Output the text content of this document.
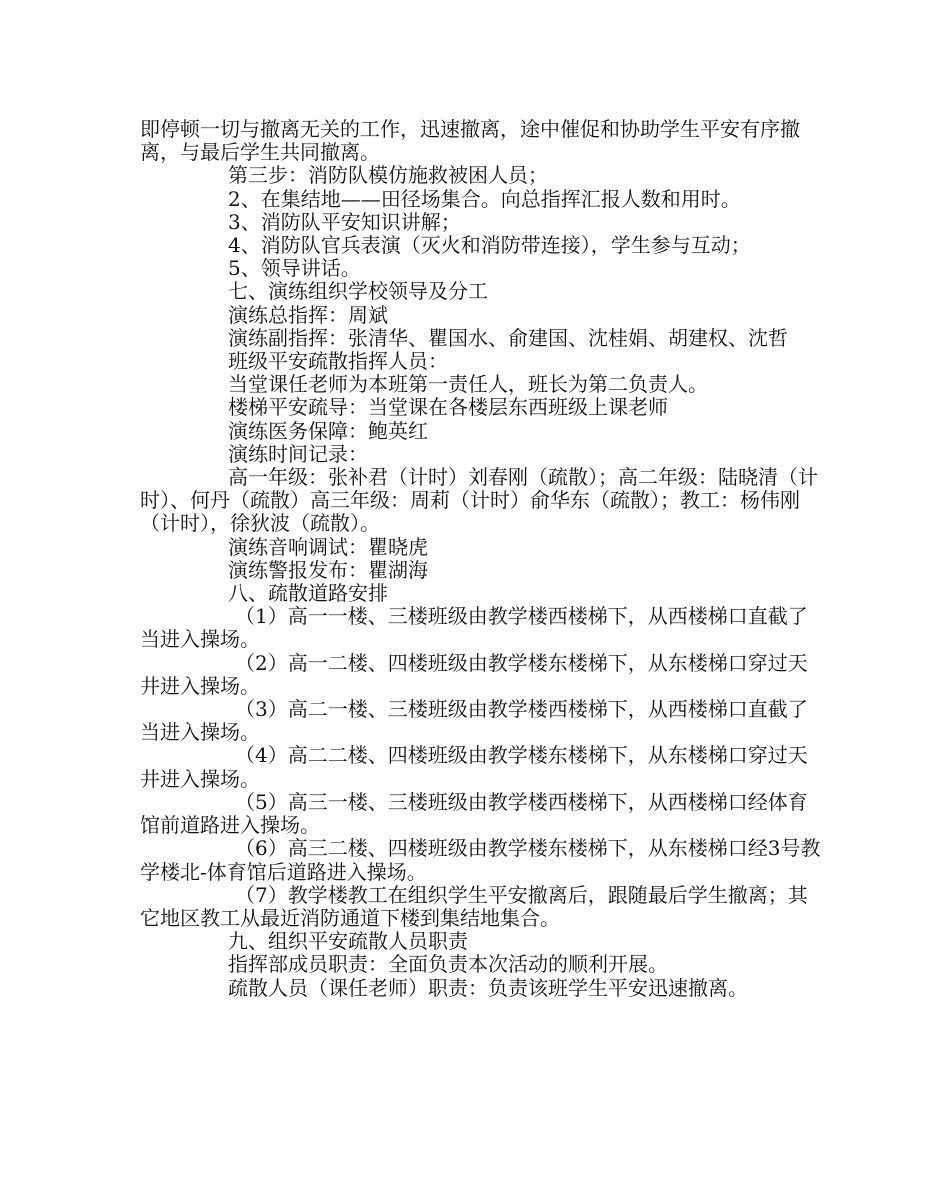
即停顿一切与撤离无关的工作，迅速撤离，途中催促和协助学生平安有序撤离，与最后学生共同撤离。

第三步：消防队模仿施救被困人员；

2、在集结地——田径场集合。向总指挥汇报人数和用时。

3、消防队平安知识讲解；

4、消防队官兵表演（灭火和消防带连接），学生参与互动；

5、领导讲话。

七、演练组织学校领导及分工

演练总指挥：周斌

演练副指挥：张清华、瞿国水、俞建国、沈桂娟、胡建权、沈哲

班级平安疏散指挥人员：

当堂课任老师为本班第一责任人，班长为第二负责人。

楼梯平安疏导：当堂课在各楼层东西班级上课老师

演练医务保障：鲍英红

演练时间记录：

高一年级：张补君（计时）刘春刚（疏散）；高二年级：陆晓清（计时）、何丹（疏散）高三年级：周莉（计时）俞华东（疏散）；教工：杨伟刚（计时），徐狄波（疏散）。

演练音响调试：瞿晓虎

演练警报发布：瞿湖海

八、疏散道路安排

（1）高一一楼、三楼班级由教学楼西楼梯下，从西楼梯口直截了当进入操场。

（2）高一二楼、四楼班级由教学楼东楼梯下，从东楼梯口穿过天井进入操场。

（3）高二一楼、三楼班级由教学楼西楼梯下，从西楼梯口直截了当进入操场。

（4）高二二楼、四楼班级由教学楼东楼梯下，从东楼梯口穿过天井进入操场。

（5）高三一楼、三楼班级由教学楼西楼梯下，从西楼梯口经体育馆前道路进入操场。

（6）高三二楼、四楼班级由教学楼东楼梯下，从东楼梯口经3号教学楼北-体育馆后道路进入操场。

（7）教学楼教工在组织学生平安撤离后，跟随最后学生撤离；其它地区教工从最近消防通道下楼到集结地集合。

九、组织平安疏散人员职责

指挥部成员职责：全面负责本次活动的顺利开展。

疏散人员（课任老师）职责：负责该班学生平安迅速撤离。
